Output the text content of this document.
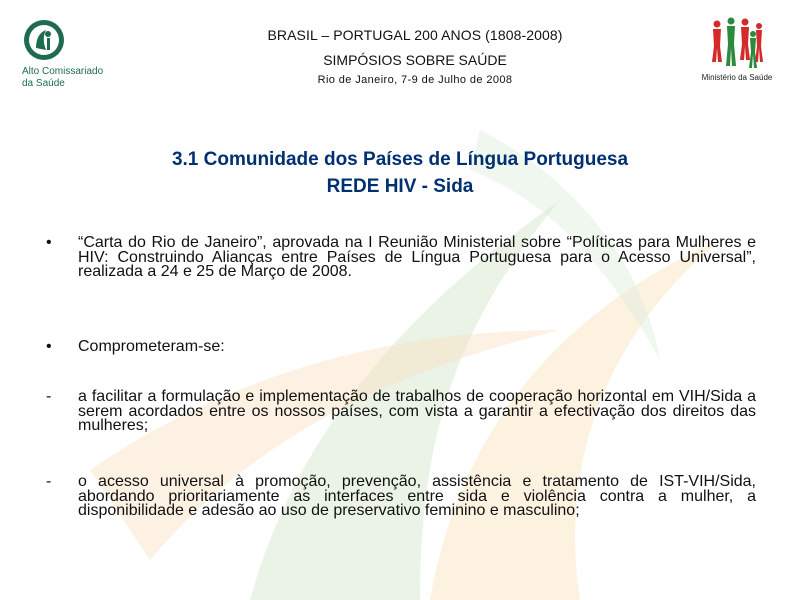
Alto Comissariado
da Saúde
BRASIL – PORTUGAL 200 ANOS (1808-2008)
SIMPÓSIOS SOBRE SAÚDE
Rio de Janeiro, 7-9 de Julho de 2008	Ministério da Saúde
3.1 Comunidade dos Países de Língua Portuguesa
REDE HIV - Sida
• “Carta do Rio de Janeiro”, aprovada na I Reunião Ministerial sobre “Políticas para Mulheres e HIV: Construindo Alianças entre Países de Língua Portuguesa para o Acesso Universal”, realizada a 24 e 25 de Março de 2008.
• Comprometeram-se:
- a facilitar a formulação e implementação de trabalhos de cooperação horizontal em VIH/Sida a serem acordados entre os nossos países, com vista a garantir a efectivação dos direitos das mulheres;
- o acesso universal à promoção, prevenção, assistência e tratamento de IST-VIH/Sida, abordando prioritariamente as interfaces entre sida e violência contra a mulher, a disponibilidade e adesão ao uso de preservativo feminino e masculino;
